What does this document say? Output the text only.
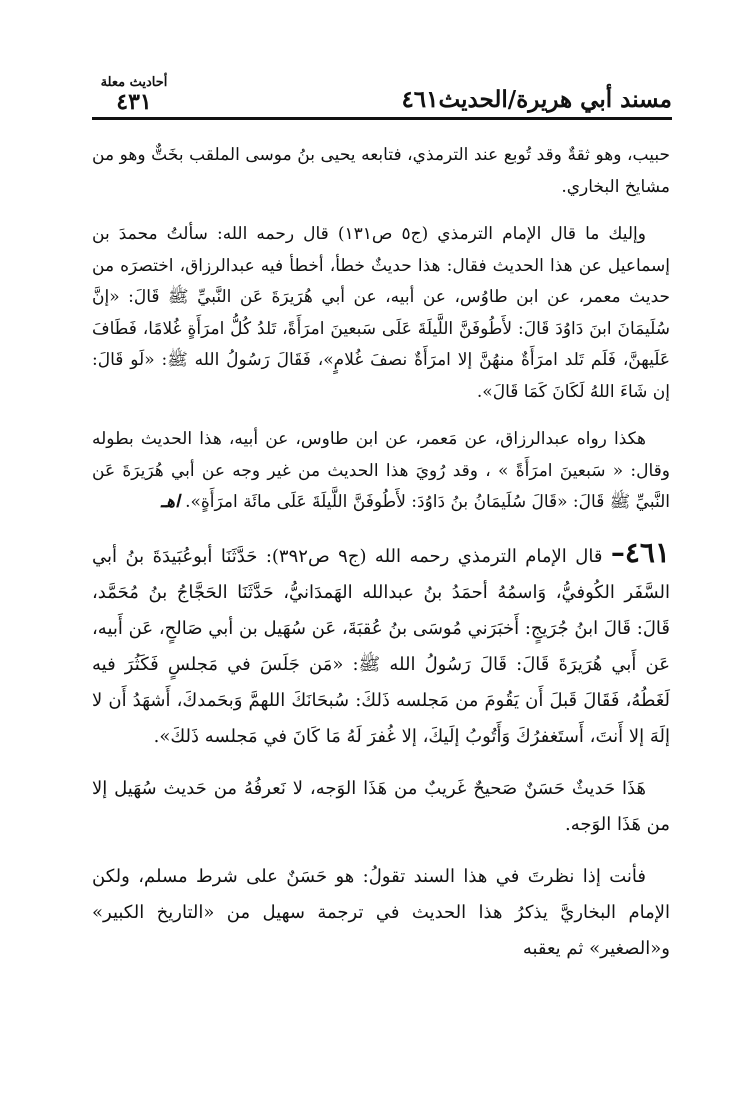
مسند أبي هريرة/الحديث٤٦١
أحاديث معلة
٤٣١

حبيب، وهو ثقةٌ وقد تُوبع عند الترمذي، فتابعه يحيى بنُ موسى الملقب بخَتٌّ وهو من مشايخ البخاري.

وإليك ما قال الإمام الترمذي (ج٥ ص١٣١) قال رحمه الله: سألتُ محمدَ بن إسماعيل عن هذا الحديث فقال: هذا حديثٌ خطأ، أخطأ فيه عبدالرزاق، اختصرَه من حديث معمر، عن ابن طاوُس، عن أبيه، عن أبي هُرَيرَةَ عَن النَّبيِّ ﷺ قَالَ: «إنَّ سُلَيمَانَ ابنَ دَاوُدَ قَالَ: لأَطُوفَنَّ اللَّيلَةَ عَلَى سَبعينَ امرَأَةً، تَلدُ كُلُّ امرَأَةٍ غُلامًا، فَطَافَ عَلَيهنَّ، فَلَم تَلد امرَأَةٌ منهُنَّ إلا امرَأَةٌ نصفَ غُلامٍ»، فَقَالَ رَسُولُ الله ﷺ: «لَو قَالَ: إن شَاءَ اللهُ لَكَانَ كَمَا قَالَ».

هكذا رواه عبدالرزاق، عن مَعمر، عن ابن طاوس، عن أبيه، هذا الحديث بطوله وقال: « سَبعينَ امرَأَةً » ، وقد رُويَ هذا الحديث من غير وجه عن أبي هُرَيرَةَ عَن النَّبيِّ ﷺ قَالَ: «قَالَ سُلَيمَانُ بنُ دَاوُدَ: لأَطُوفَنَّ اللَّيلَةَ عَلَى مائَة امرَأَةٍ». اهـ

٤٦١– قال الإمام الترمذي رحمه الله (ج٩ ص٣٩٢): حَدَّثَنَا أبوعُبَيدَةَ بنُ أبي السَّفَر الكُوفيُّ، وَاسمُهُ أحمَدُ بنُ عبدالله الهَمدَانيُّ، حَدَّثَنَا الحَجَّاجُ بنُ مُحَمَّد، قَالَ: قَالَ ابنُ جُرَيجٍ: أَخبَرَني مُوسَى بنُ عُقبَةَ، عَن سُهَيل بن أبي صَالحٍ، عَن أَبيه، عَن أَبي هُرَيرَةَ قَالَ: قَالَ رَسُولُ الله ﷺ: «مَن جَلَسَ في مَجلسٍ فَكَثُرَ فيه لَغَطُهُ، فَقَالَ قَبلَ أَن يَقُومَ من مَجلسه ذَلكَ: سُبحَانَكَ اللهمَّ وَبحَمدكَ، أَشهَدُ أَن لا إلَهَ إلا أَنتَ، أَستَغفرُكَ وَأَتُوبُ إلَيكَ، إلا غُفرَ لَهُ مَا كَانَ في مَجلسه ذَلكَ».

هَذَا حَديثٌ حَسَنٌ صَحيحٌ غَريبٌ من هَذَا الوَجه، لا نَعرفُهُ من حَديث سُهَيل إلا من هَذَا الوَجه.

فأنت إذا نظرتَ في هذا السند تقولُ: هو حَسَنٌ على شرط مسلم، ولكن الإمام البخاريَّ يذكرُ هذا الحديث في ترجمة سهيل من «التاريخ الكبير» و«الصغير» ثم يعقبه
